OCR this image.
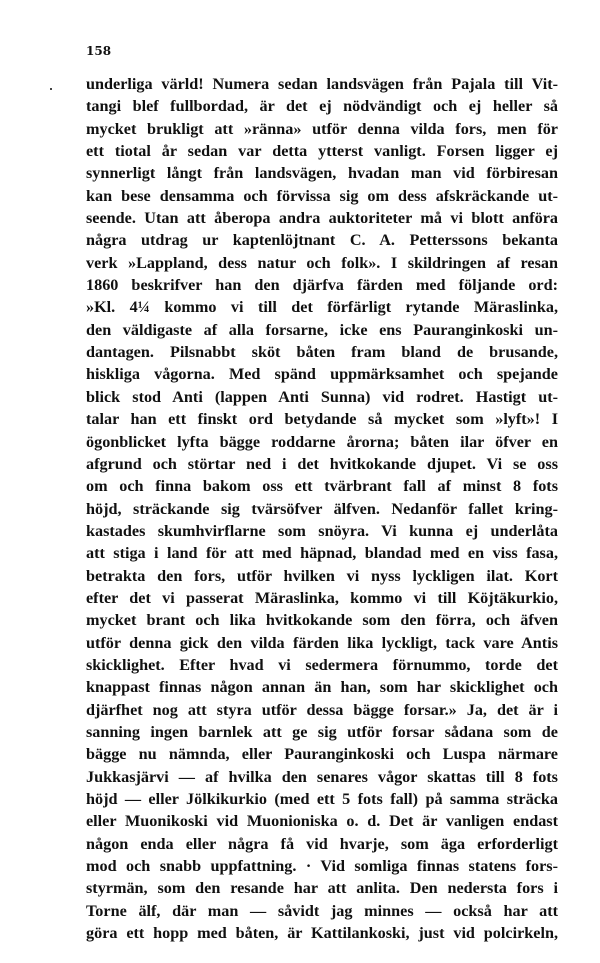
158
underliga värld! Numera sedan landsvägen från Pajala till Vit-
tangi blef fullbordad, är det ej nödvändigt och ej heller så
mycket brukligt att »ränna» utför denna vilda fors, men för
ett tiotal år sedan var detta ytterst vanligt. Forsen ligger ej
synnerligt långt från landsvägen, hvadan man vid förbiresan
kan bese densamma och förvissa sig om dess afskräckande ut-
seende. Utan att åberopa andra auktoriteter må vi blott anföra
några utdrag ur kaptenlöjtnant C. A. Petterssons bekanta
verk »Lappland, dess natur och folk». I skildringen af resan
1860 beskrifver han den djärfva färden med följande ord:
»Kl. 4¼ kommo vi till det förfärligt rytande Märaslinka,
den väldigaste af alla forsarne, icke ens Pauranginkoski un-
dantagen. Pilsnabbt sköt båten fram bland de brusande,
hiskliga vågorna. Med spänd uppmärksamhet och spejande
blick stod Anti (lappen Anti Sunna) vid rodret. Hastigt ut-
talar han ett finskt ord betydande så mycket som »lyft»! I
ögonblicket lyfta bägge roddarne årorna; båten ilar öfver en
afgrund och störtar ned i det hvitkokande djupet. Vi se oss
om och finna bakom oss ett tvärbrant fall af minst 8 fots
höjd, sträckande sig tvärsöfver älfven. Nedanför fallet kring-
kastades skumhvirflarne som snöyra. Vi kunna ej underlåta
att stiga i land för att med häpnad, blandad med en viss fasa,
betrakta den fors, utför hvilken vi nyss lyckligen ilat. Kort
efter det vi passerat Märaslinka, kommo vi till Köjtäkurkio,
mycket brant och lika hvitkokande som den förra, och äfven
utför denna gick den vilda färden lika lyckligt, tack vare Antis
skicklighet. Efter hvad vi sedermera förnummo, torde det
knappast finnas någon annan än han, som har skicklighet och
djärfhet nog att styra utför dessa bägge forsar.» Ja, det är i
sanning ingen barnlek att ge sig utför forsar sådana som de
bägge nu nämnda, eller Pauranginkoski och Luspa närmare
Jukkasjärvi — af hvilka den senares vågor skattas till 8 fots
höjd — eller Jölkikurkio (med ett 5 fots fall) på samma sträcka
eller Muonikoski vid Muoniоniska o. d. Det är vanligen endast
någon enda eller några få vid hvarje, som äga erforderligt
mod och snabb uppfattning. · Vid somliga finnas statens fors-
styrmän, som den resande har att anlita. Den nedersta fors i
Torne älf, där man — såvidt jag minnes — också har att
göra ett hopp med båten, är Kattilankoski, just vid polcirkeln,
